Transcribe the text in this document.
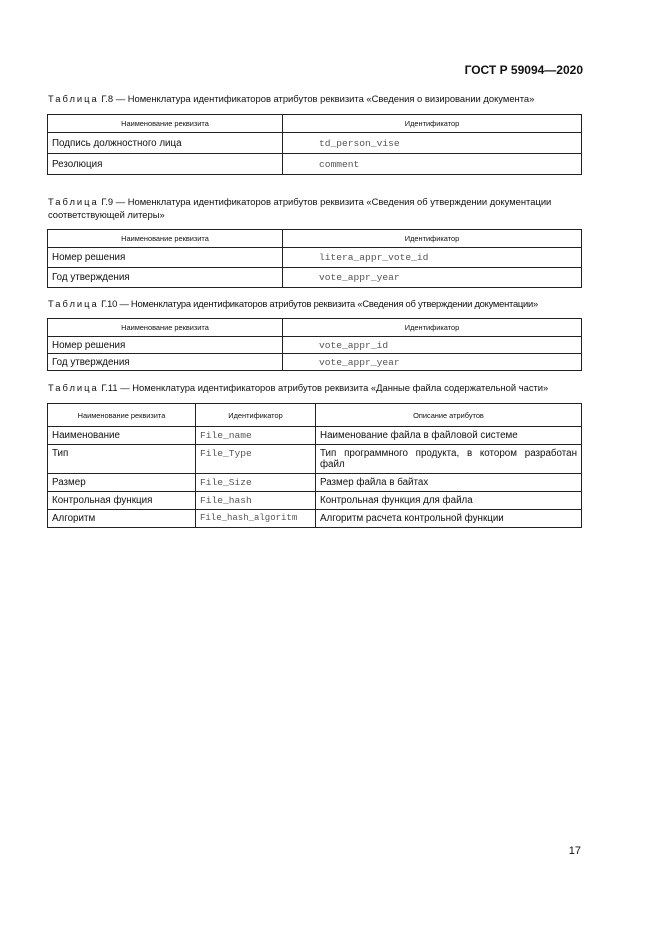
ГОСТ Р 59094—2020
Таблица Г.8 — Номенклатура идентификаторов атрибутов реквизита «Сведения о визировании документа»
Наименование реквизита	Идентификатор
Подпись должностного лица	td_person_vise
Резолюция	comment
Таблица Г.9 — Номенклатура идентификаторов атрибутов реквизита «Сведения об утверждении документации соответствующей литеры»
Наименование реквизита	Идентификатор
Номер решения	litera_appr_vote_id
Год утверждения	vote_appr_year
Таблица Г.10 — Номенклатура идентификаторов атрибутов реквизита «Сведения об утверждении документации»
Наименование реквизита	Идентификатор
Номер решения	vote_appr_id
Год утверждения	vote_appr_year
Таблица Г.11 — Номенклатура идентификаторов атрибутов реквизита «Данные файла содержательной части»
Наименование реквизита	Идентификатор	Описание атрибутов
Наименование	File_name	Наименование файла в файловой системе
Тип	File_Type	Тип программного продукта, в котором разработан файл
Размер	File_Size	Размер файла в байтах
Контрольная функция	File_hash	Контрольная функция для файла
Алгоритм	File_hash_algoritm	Алгоритм расчета контрольной функции
17
